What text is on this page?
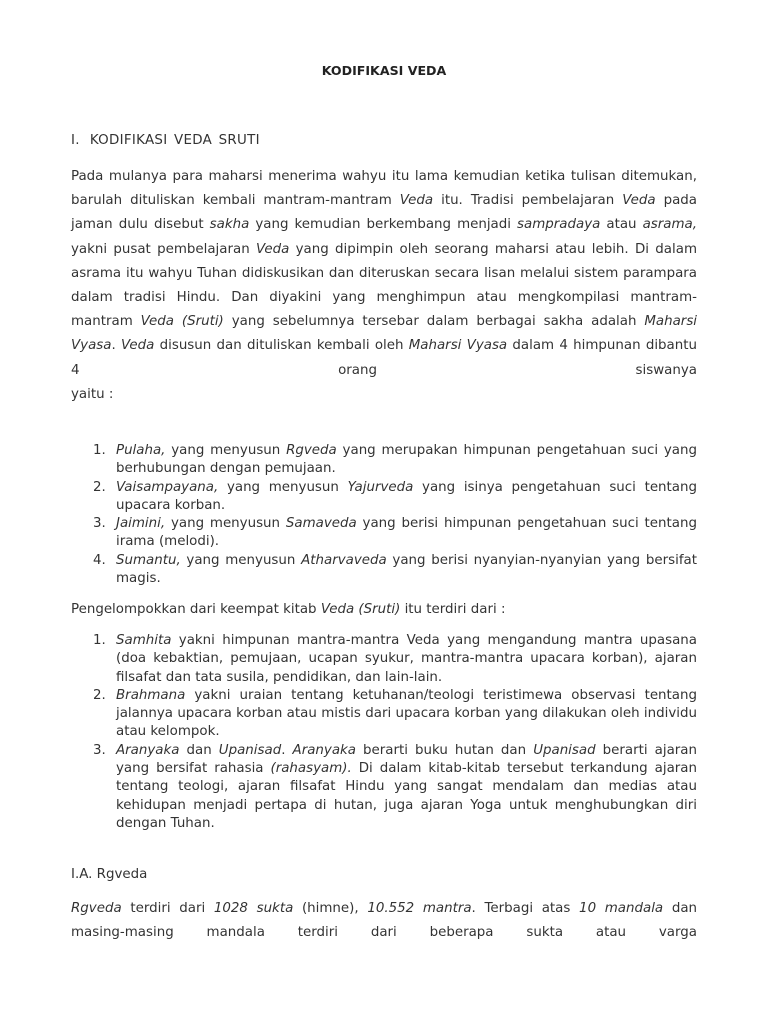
KODIFIKASI VEDA
I. KODIFIKASI VEDA SRUTI
Pada mulanya para maharsi menerima wahyu itu lama kemudian ketika tulisan ditemukan, barulah dituliskan kembali mantram-mantram Veda itu. Tradisi pembelajaran Veda pada jaman dulu disebut sakha yang kemudian berkembang menjadi sampradaya atau asrama, yakni pusat pembelajaran Veda yang dipimpin oleh seorang maharsi atau lebih. Di dalam asrama itu wahyu Tuhan didiskusikan dan diteruskan secara lisan melalui sistem parampara dalam tradisi Hindu. Dan diyakini yang menghimpun atau mengkompilasi mantram-mantram Veda (Sruti) yang sebelumnya tersebar dalam berbagai sakha adalah Maharsi Vyasa. Veda disusun dan dituliskan kembali oleh Maharsi Vyasa dalam 4 himpunan dibantu 4 orang siswanya
yaitu :
1. Pulaha, yang menyusun Rgveda yang merupakan himpunan pengetahuan suci yang berhubungan dengan pemujaan.
2. Vaisampayana, yang menyusun Yajurveda yang isinya pengetahuan suci tentang upacara korban.
3. Jaimini, yang menyusun Samaveda yang berisi himpunan pengetahuan suci tentang irama (melodi).
4. Sumantu, yang menyusun Atharvaveda yang berisi nyanyian-nyanyian yang bersifat magis.
Pengelompokkan dari keempat kitab Veda (Sruti) itu terdiri dari :
1. Samhita yakni himpunan mantra-mantra Veda yang mengandung mantra upasana (doa kebaktian, pemujaan, ucapan syukur, mantra-mantra upacara korban), ajaran filsafat dan tata susila, pendidikan, dan lain-lain.
2. Brahmana yakni uraian tentang ketuhanan/teologi teristimewa observasi tentang jalannya upacara korban atau mistis dari upacara korban yang dilakukan oleh individu atau kelompok.
3. Aranyaka dan Upanisad. Aranyaka berarti buku hutan dan Upanisad berarti ajaran yang bersifat rahasia (rahasyam). Di dalam kitab-kitab tersebut terkandung ajaran tentang teologi, ajaran filsafat Hindu yang sangat mendalam dan medias atau kehidupan menjadi pertapa di hutan, juga ajaran Yoga untuk menghubungkan diri dengan Tuhan.
I.A. Rgveda
Rgveda terdiri dari 1028 sukta (himne), 10.552 mantra. Terbagi atas 10 mandala dan masing-masing mandala terdiri dari beberapa sukta atau varga
